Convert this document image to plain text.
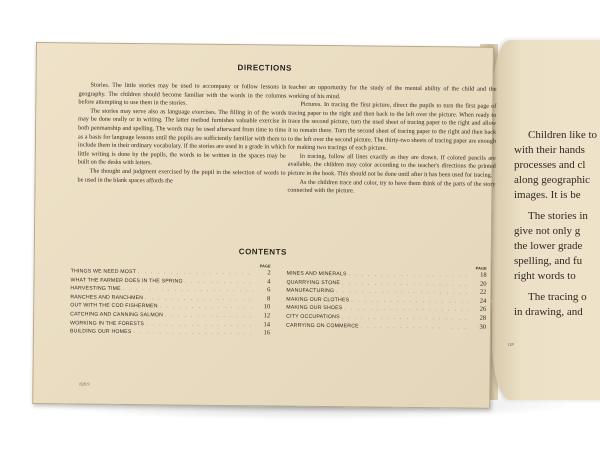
Children like to
with their hands
processes and cl
along geographic
images. It is be
The stories in
give not only g
the lower grade
spelling, and fu
right words to
The tracing o
in drawing, and
GP
DIRECTIONS

Stories. The little stories may be used to accompany or follow lessons in geography. The children should become familiar with the words in the columns before attempting to use them in the stories.

The stories may serve also as language exercises. The filling in of the words may be done orally or in writing. The latter method furnishes valuable exercise in both penmanship and spelling. The words may be used afterward from time to time as a basis for language lessons until the pupils are sufficiently familiar with them to include them in their ordinary vocabulary. If the stories are used in a grade in which little writing is done by the pupils, the words to be written in the spaces may be built on the desks with letters.

The thought and judgment exercised by the pupil in the selection of words to be used in the blank spaces affords the

teacher an opportunity for the study of the mental ability of the child and the working of his mind.

Pictures. In tracing the first picture, direct the pupils to turn the first page of tracing paper to the right and then back to the left over the picture. When ready to trace the second picture, turn the used sheet of tracing paper to the right and allow it to remain there. Turn the second sheet of tracing paper to the right and then back to the left over the second picture. The thirty-two sheets of tracing paper are enough for making two tracings of each picture.

In tracing, follow all lines exactly as they are drawn. If colored pencils are available, the children may color according to the teacher's directions the printed picture in the book. This should not be done until after it has been used for tracing.

As the children trace and color, try to have them think of the parts of the story connected with the picture.

CONTENTS
PAGE
THINGS WE NEED MOST . . .	2
WHAT THE FARMER DOES IN THE SPRING . . .	4
HARVESTING TIME . . .	6
RANCHES AND RANCHMEN . . .	8
OUT WITH THE COD FISHERMEN . . .	10
CATCHING AND CANNING SALMON . . .	12
WORKING IN THE FORESTS . . .	14
BUILDING OUR HOMES . . .	16
PAGE
MINES AND MINERALS . . .	18
QUARRYING STONE . . .	20
MANUFACTURING . . .	22
MAKING OUR CLOTHES . . .	24
MAKING OUR SHOES . . .	26
CITY OCCUPATIONS . . .	28
CARRYING ON COMMERCE . . .	30
820.9
